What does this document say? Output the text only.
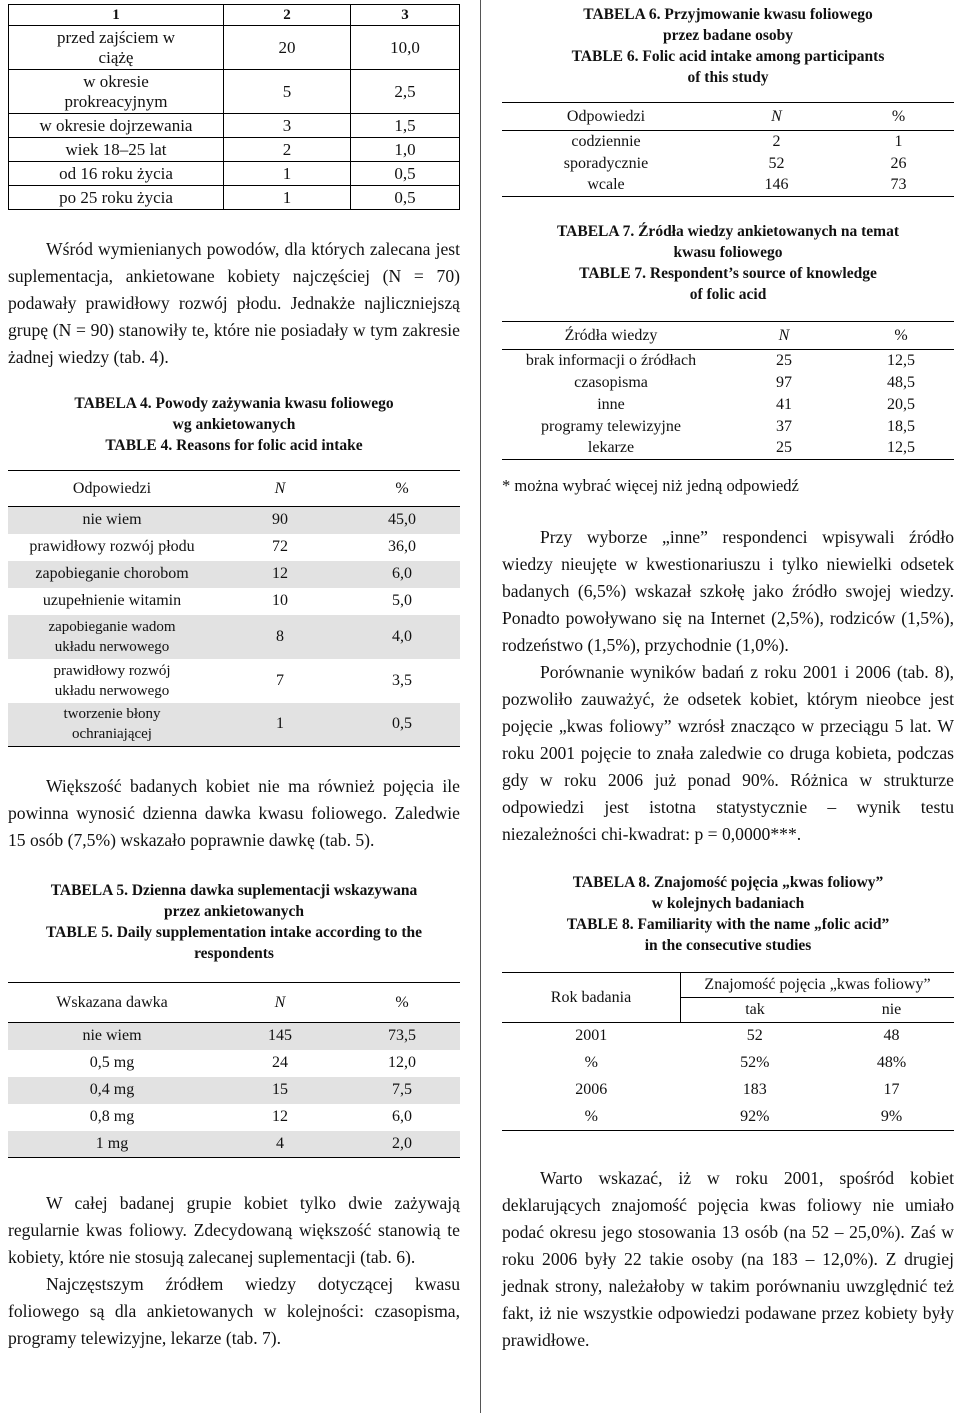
1	2	3
przed zajściem w ciążę	20	10,0
w okresie prokreacyjnym	5	2,5
w okresie dojrzewania	3	1,5
wiek 18–25 lat	2	1,0
od 16 roku życia	1	0,5
po 25 roku życia	1	0,5

Wśród wymienianych powodów, dla których zalecana jest suplementacja, ankietowane kobiety najczęściej (N = 70) podawały prawidłowy rozwój płodu. Jednakże najliczniejszą grupę (N = 90) stanowiły te, które nie posiadały w tym zakresie żadnej wiedzy (tab. 4).

TABELA 4. Powody zażywania kwasu foliowego

wg ankietowanych

TABLE 4. Reasons for folic acid intake

Odpowiedzi	N	%
nie wiem	90	45,0
prawidłowy rozwój płodu	72	36,0
zapobieganie chorobom	12	6,0
uzupełnienie witamin	10	5,0

zapobieganie wadom
układu nerwowego	8	4,0

prawidłowy rozwój
układu nerwowego	7	3,5

tworzenie błony
ochraniającej	1	0,5

Większość badanych kobiet nie ma również pojęcia ile powinna wynosić dzienna dawka kwasu foliowego. Zaledwie 15 osób (7,5%) wskazało poprawnie dawkę (tab. 5).

TABELA 5. Dzienna dawka suplementacji wskazywana

przez ankietowanych

TABLE 5. Daily supplementation intake according to the

respondents

Wskazana dawka	N	%
nie wiem	145	73,5
0,5 mg	24	12,0
0,4 mg	15	7,5
0,8 mg	12	6,0
1 mg	4	2,0

W całej badanej grupie kobiet tylko dwie zażywają regularnie kwas foliowy. Zdecydowaną większość stanowią te kobiety, które nie stosują zalecanej suplementacji (tab. 6).

Najczęstszym źródłem wiedzy dotyczącej kwasu foliowego są dla ankietowanych w kolejności: czasopisma, programy telewizyjne, lekarze (tab. 7).

TABELA 6. Przyjmowanie kwasu foliowego

przez badane osoby

TABLE 6. Folic acid intake among participants

of this study

Odpowiedzi	N	%
codziennie	2	1
sporadycznie	52	26
wcale	146	73

TABELA 7. Źródła wiedzy ankietowanych na temat

kwasu foliowego

TABLE 7. Respondent’s source of knowledge

of folic acid

Źródła wiedzy	N	%
brak informacji o źródłach	25	12,5
czasopisma	97	48,5
inne	41	20,5
programy telewizyjne	37	18,5
lekarze	25	12,5

* można wybrać więcej niż jedną odpowiedź

Przy wyborze „inne” respondenci wpisywali źródło wiedzy nieujęte w kwestionariuszu i tylko niewielki odsetek badanych (6,5%) wskazał szkołę jako źródło swojej wiedzy. Ponadto powoływano się na Internet (2,5%), rodziców (1,5%), rodzeństwo (1,5%), przychodnie (1,0%).

Porównanie wyników badań z roku 2001 i 2006 (tab. 8), pozwoliło zauważyć, że odsetek kobiet, którym nieobce jest pojęcie „kwas foliowy” wzrósł znacząco w przeciągu 5 lat. W roku 2001 pojęcie to znała zaledwie co druga kobieta, podczas gdy w roku 2006 już ponad 90%. Różnica w strukturze odpowiedzi jest istotna statystycznie – wynik testu niezależności chi-kwadrat: p = 0,0000***.

TABELA 8. Znajomość pojęcia „kwas foliowy”

w kolejnych badaniach

TABLE 8. Familiarity with the name „folic acid”

in the consecutive studies

Rok badania	Znajomość pojęcia „kwas foliowy”	
	tak	nie
2001	52	48
%	52%	48%
2006	183	17
%	92%	9%

Warto wskazać, iż w roku 2001, spośród kobiet deklarujących znajomość pojęcia kwas foliowy nie umiało podać okresu jego stosowania 13 osób (na 52 – 25,0%). Zaś w roku 2006 były 22 takie osoby (na 183 – 12,0%). Z drugiej jednak strony, należałoby w takim porównaniu uwzględnić też fakt, iż nie wszystkie odpowiedzi podawane przez kobiety były prawidłowe.
